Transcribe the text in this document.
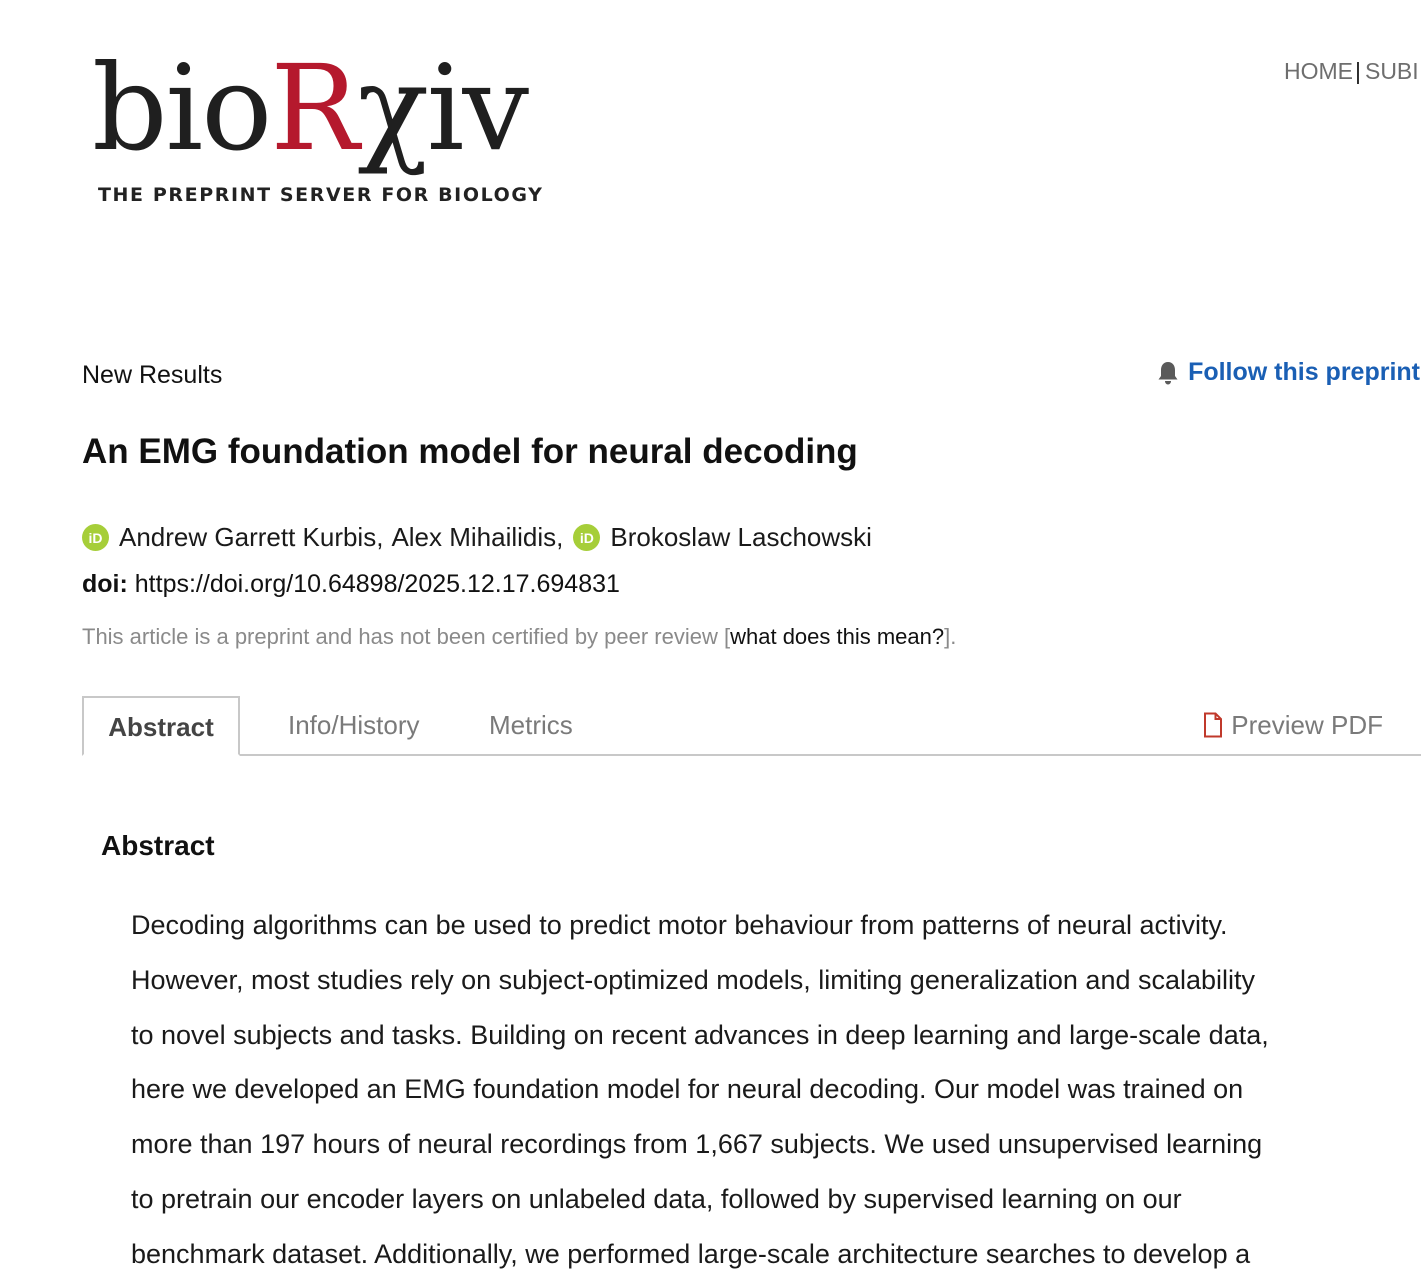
bioRχiv
THE PREPRINT SERVER FOR BIOLOGY
HOME| SUBI
New Results	Follow this preprint
An EMG foundation model for neural decoding
iD Andrew Garrett Kurbis, Alex Mihailidis,	iD Brokoslaw Laschowski
doi: https://doi.org/10.64898/2025.12.17.694831
This article is a preprint and has not been certified by peer review [what does this mean?].
Abstract	Info/History	Metrics	Preview PDF
Abstract
Decoding algorithms can be used to predict motor behaviour from patterns of neural activity.
However, most studies rely on subject-optimized models, limiting generalization and scalability
to novel subjects and tasks. Building on recent advances in deep learning and large-scale data,
here we developed an EMG foundation model for neural decoding. Our model was trained on
more than 197 hours of neural recordings from 1,667 subjects. We used unsupervised learning
to pretrain our encoder layers on unlabeled data, followed by supervised learning on our
benchmark dataset. Additionally, we performed large-scale architecture searches to develop a
